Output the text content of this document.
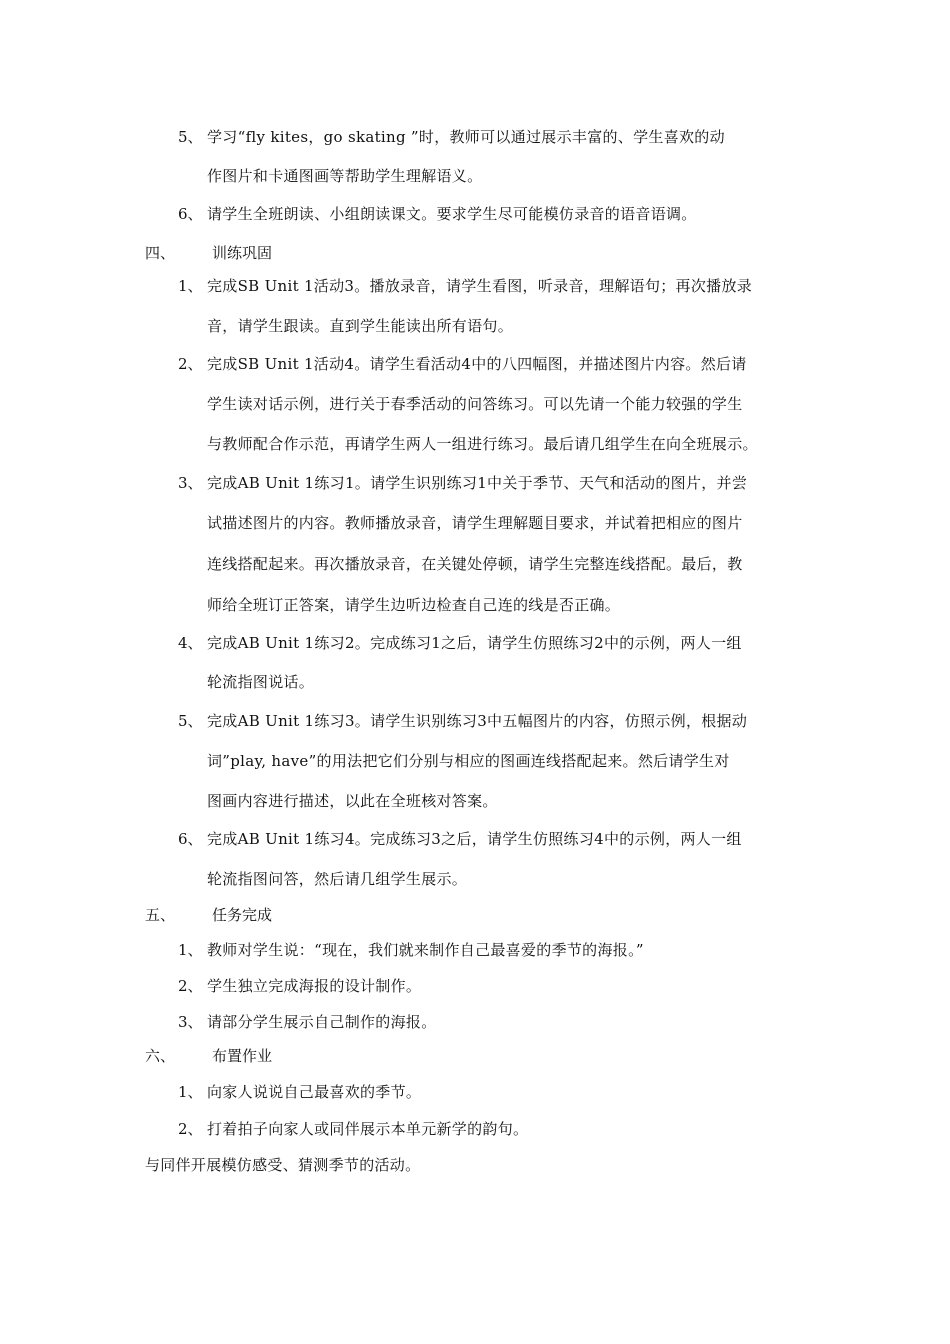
5、 学习“fly kites，go skating ”时，教师可以通过展示丰富的、学生喜欢的动
作图片和卡通图画等帮助学生理解语义。
6、 请学生全班朗读、小组朗读课文。要求学生尽可能模仿录音的语音语调。
四、 训练巩固
1、 完成SB Unit 1活动3。播放录音，请学生看图，听录音，理解语句；再次播放录
音，请学生跟读。直到学生能读出所有语句。
2、 完成SB Unit 1活动4。请学生看活动4中的八四幅图，并描述图片内容。然后请
学生读对话示例，进行关于春季活动的问答练习。可以先请一个能力较强的学生
与教师配合作示范，再请学生两人一组进行练习。最后请几组学生在向全班展示。
3、 完成AB Unit 1练习1。请学生识别练习1中关于季节、天气和活动的图片，并尝
试描述图片的内容。教师播放录音，请学生理解题目要求，并试着把相应的图片
连线搭配起来。再次播放录音，在关键处停顿，请学生完整连线搭配。最后，教
师给全班订正答案，请学生边听边检查自己连的线是否正确。
4、 完成AB Unit 1练习2。完成练习1之后，请学生仿照练习2中的示例，两人一组
轮流指图说话。
5、 完成AB Unit 1练习3。请学生识别练习3中五幅图片的内容，仿照示例，根据动
词”play, have”的用法把它们分别与相应的图画连线搭配起来。然后请学生对
图画内容进行描述，以此在全班核对答案。
6、 完成AB Unit 1练习4。完成练习3之后，请学生仿照练习4中的示例，两人一组
轮流指图问答，然后请几组学生展示。
五、 任务完成
1、 教师对学生说：“现在，我们就来制作自己最喜爱的季节的海报。”
2、 学生独立完成海报的设计制作。
3、 请部分学生展示自己制作的海报。
六、 布置作业
1、 向家人说说自己最喜欢的季节。
2、 打着拍子向家人或同伴展示本单元新学的韵句。
与同伴开展模仿感受、猜测季节的活动。
